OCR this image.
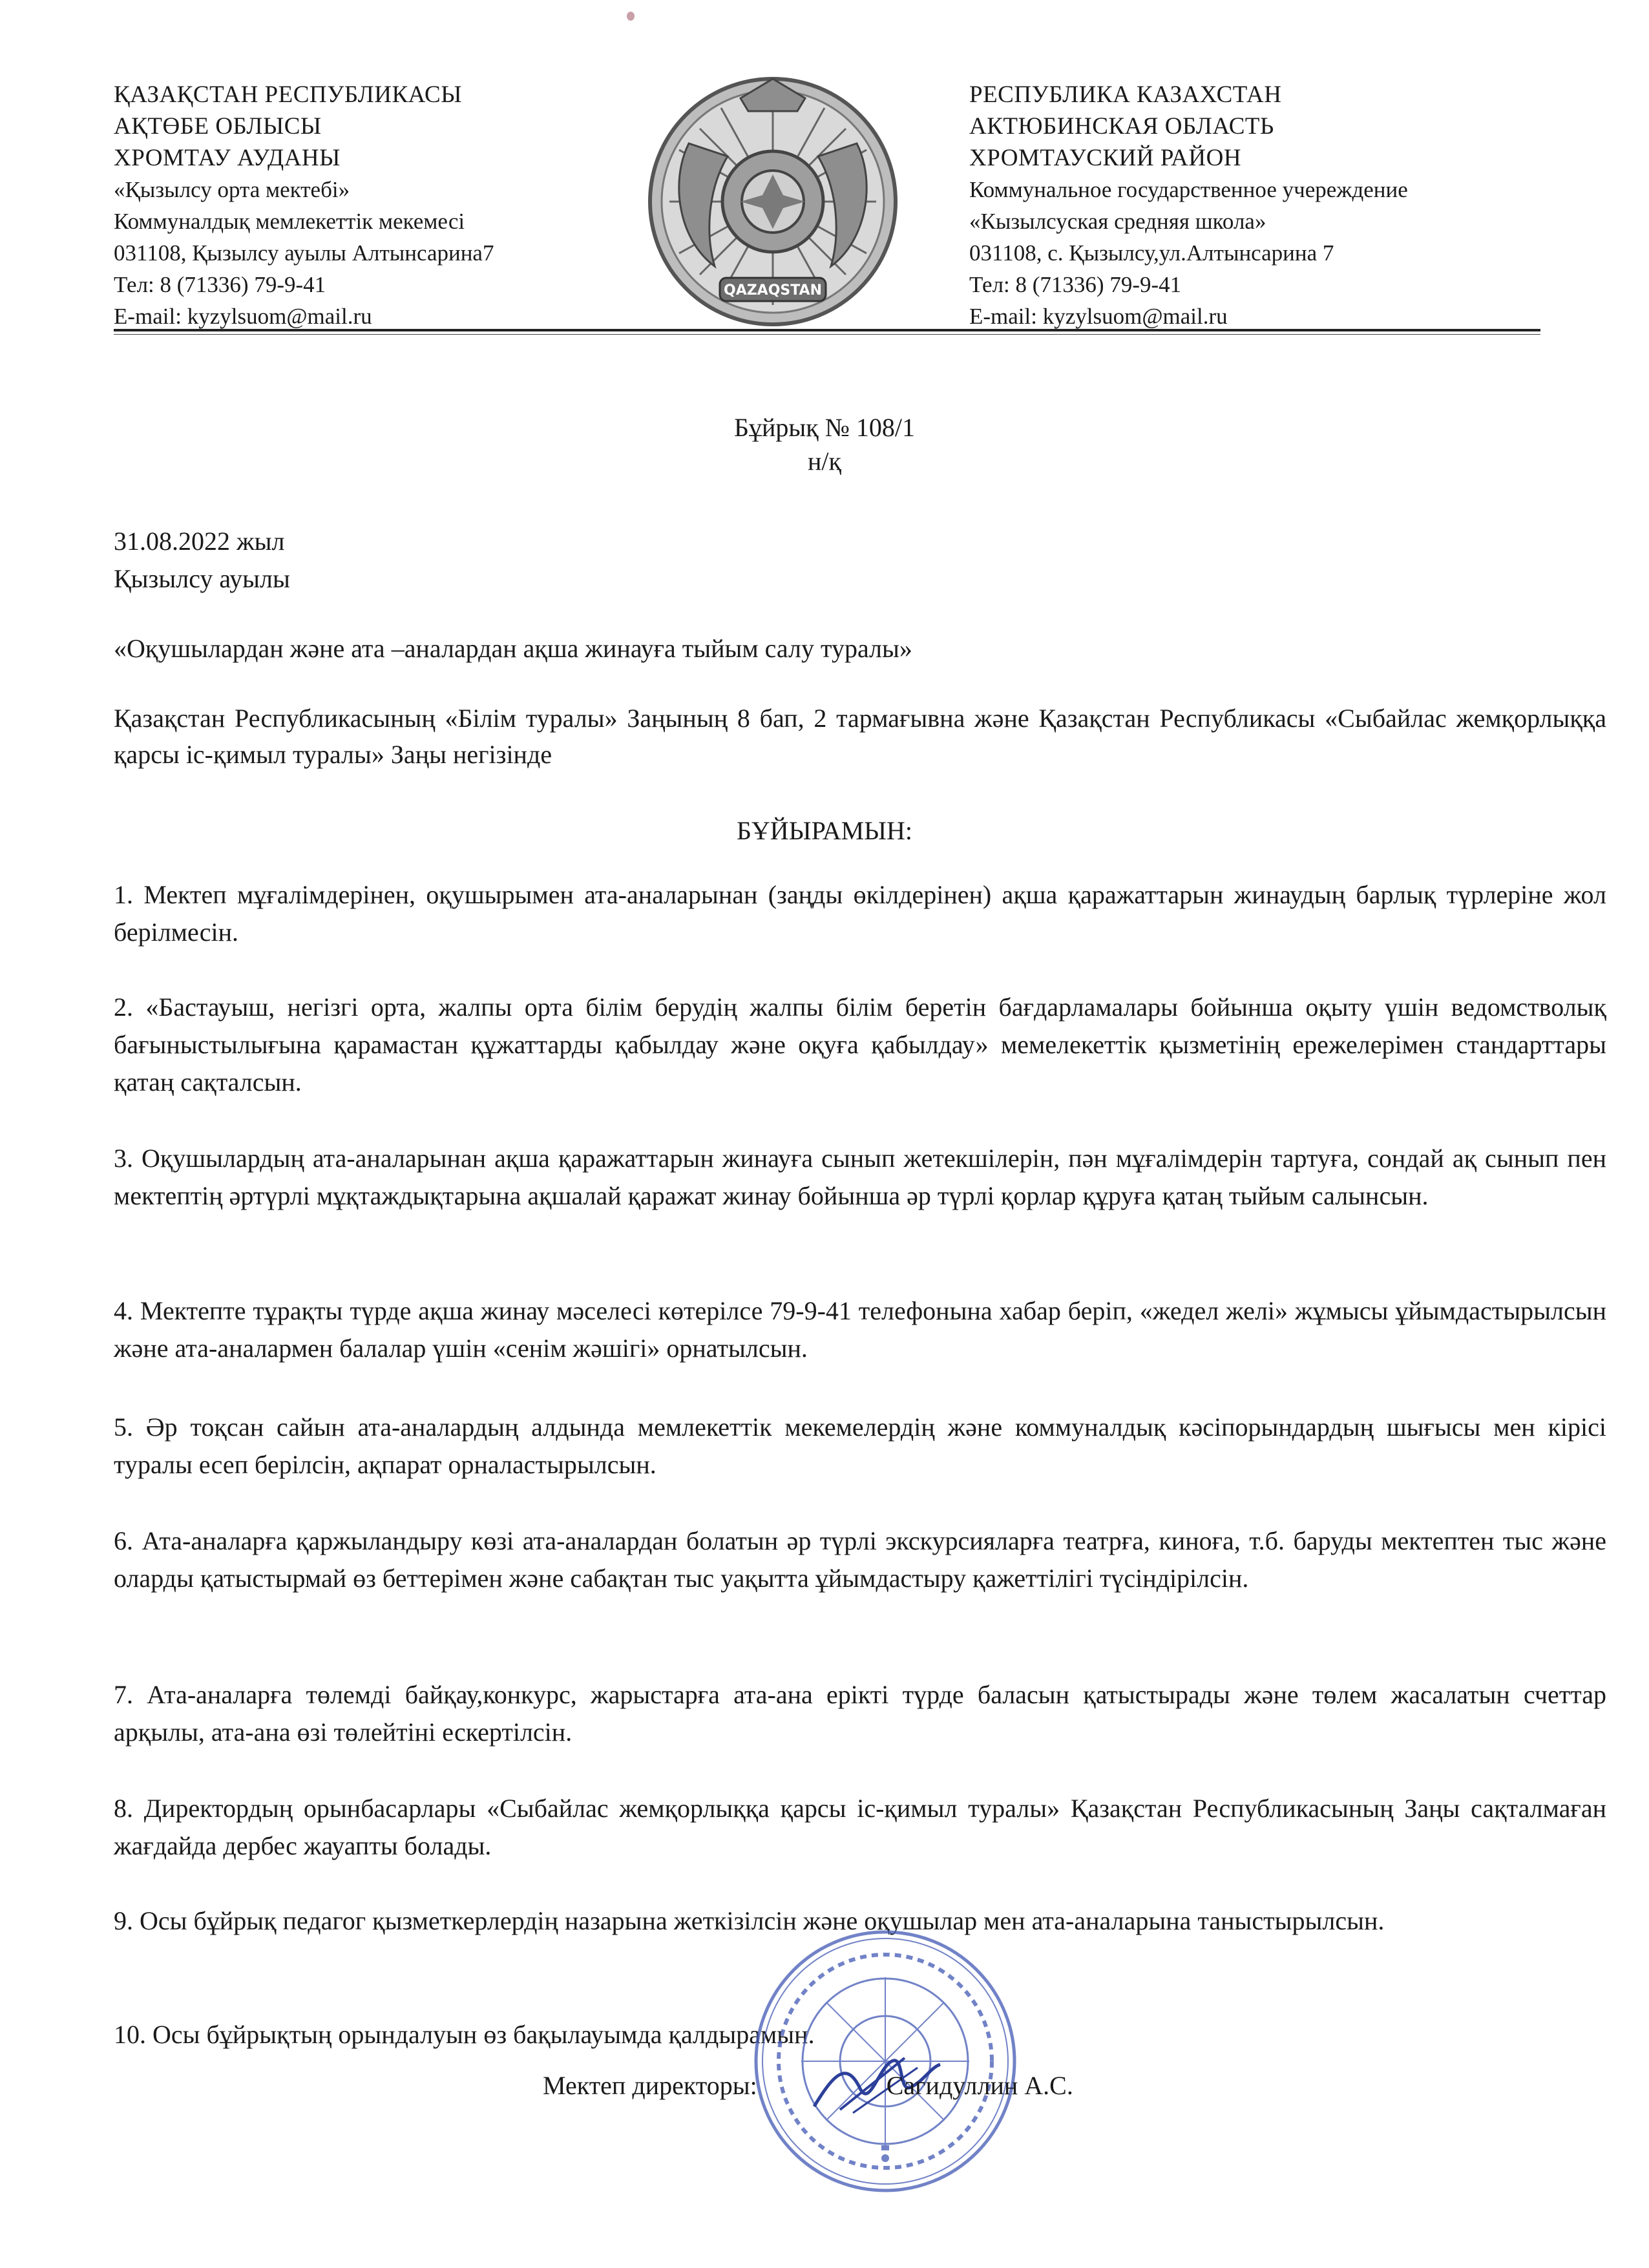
ҚАЗАҚСТАН РЕСПУБЛИКАСЫ
АҚТӨБЕ ОБЛЫСЫ
ХРОМТАУ АУДАНЫ
«Қызылсу орта мектебі»
Коммуналдық мемлекеттік мекемесі
031108, Қызылсу ауылы Алтынсарина7
Тел: 8 (71336) 79-9-41
E-mail: kyzylsuom@mail.ru
QAZAQSTAN
РЕСПУБЛИКА КАЗАХСТАН
АКТЮБИНСКАЯ ОБЛАСТЬ
ХРОМТАУСКИЙ РАЙОН
Коммунальное государственное учереждение
«Кызылсуская средняя школа»
031108, с. Қызылсу,ул.Алтынсарина 7
Тел: 8 (71336) 79-9-41
E-mail: kyzylsuom@mail.ru
Бұйрық № 108/1
н/қ
31.08.2022 жыл
Қызылсу ауылы
«Оқушылардан және ата –аналардан ақша жинауға тыйым салу туралы»
Қазақстан Республикасының «Білім туралы» Заңының 8 бап, 2 тармағывна және Қазақстан Республикасы «Сыбайлас жемқорлыққа қарсы іс-қимыл туралы» Заңы негізінде
БҰЙЫРАМЫН:
1. Мектеп мұғалімдерінен, оқушырымен ата-аналарынан (заңды өкілдерінен) ақша қаражаттарын жинаудың барлық түрлеріне жол берілмесін.
2. «Бастауыш, негізгі орта, жалпы орта білім берудің жалпы білім беретін бағдарламалары бойынша оқыту үшін ведомстволық бағыныстылығына қарамастан құжаттарды қабылдау және оқуға қабылдау» мемелекеттік қызметінің ережелерімен стандарттары қатаң сақталсын.
3. Оқушылардың ата-аналарынан ақша қаражаттарын жинауға сынып жетекшілерін, пән мұғалімдерін тартуға, сондай ақ сынып пен мектептің әртүрлі мұқтаждықтарына ақшалай қаражат жинау бойынша әр түрлі қорлар құруға қатаң тыйым салынсын.
4. Мектепте тұрақты түрде ақша жинау мәселесі көтерілсе 79-9-41 телефонына хабар беріп, «жедел желі» жұмысы ұйымдастырылсын және ата-аналармен балалар үшін «сенім жәшігі» орнатылсын.
5. Әр тоқсан сайын ата-аналардың алдында мемлекеттік мекемелердің және коммуналдық кәсіпорындардың шығысы мен кірісі туралы есеп берілсін, ақпарат орналастырылсын.
6. Ата-аналарға қаржыландыру көзі ата-аналардан болатын әр түрлі экскурсияларға театрға, киноға, т.б. баруды мектептен тыс және оларды қатыстырмай өз беттерімен және сабақтан тыс уақытта ұйымдастыру қажеттілігі түсіндірілсін.
7. Ата-аналарға төлемді байқау,конкурс, жарыстарға ата-ана ерікті түрде баласын қатыстырады және төлем жасалатын счеттар арқылы, ата-ана өзі төлейтіні ескертілсін.
8. Директордың орынбасарлары «Сыбайлас жемқорлыққа қарсы іс-қимыл туралы» Қазақстан Республикасының Заңы сақталмаған жағдайда дербес жауапты болады.
9. Осы бұйрық педагог қызметкерлердің назарына жеткізілсін және оқушылар мен ата-аналарына таныстырылсын.
10. Осы бұйрықтың орындалуын өз бақылауымда қалдырамын.
Мектеп директоры:	Сагидуллин А.С.
